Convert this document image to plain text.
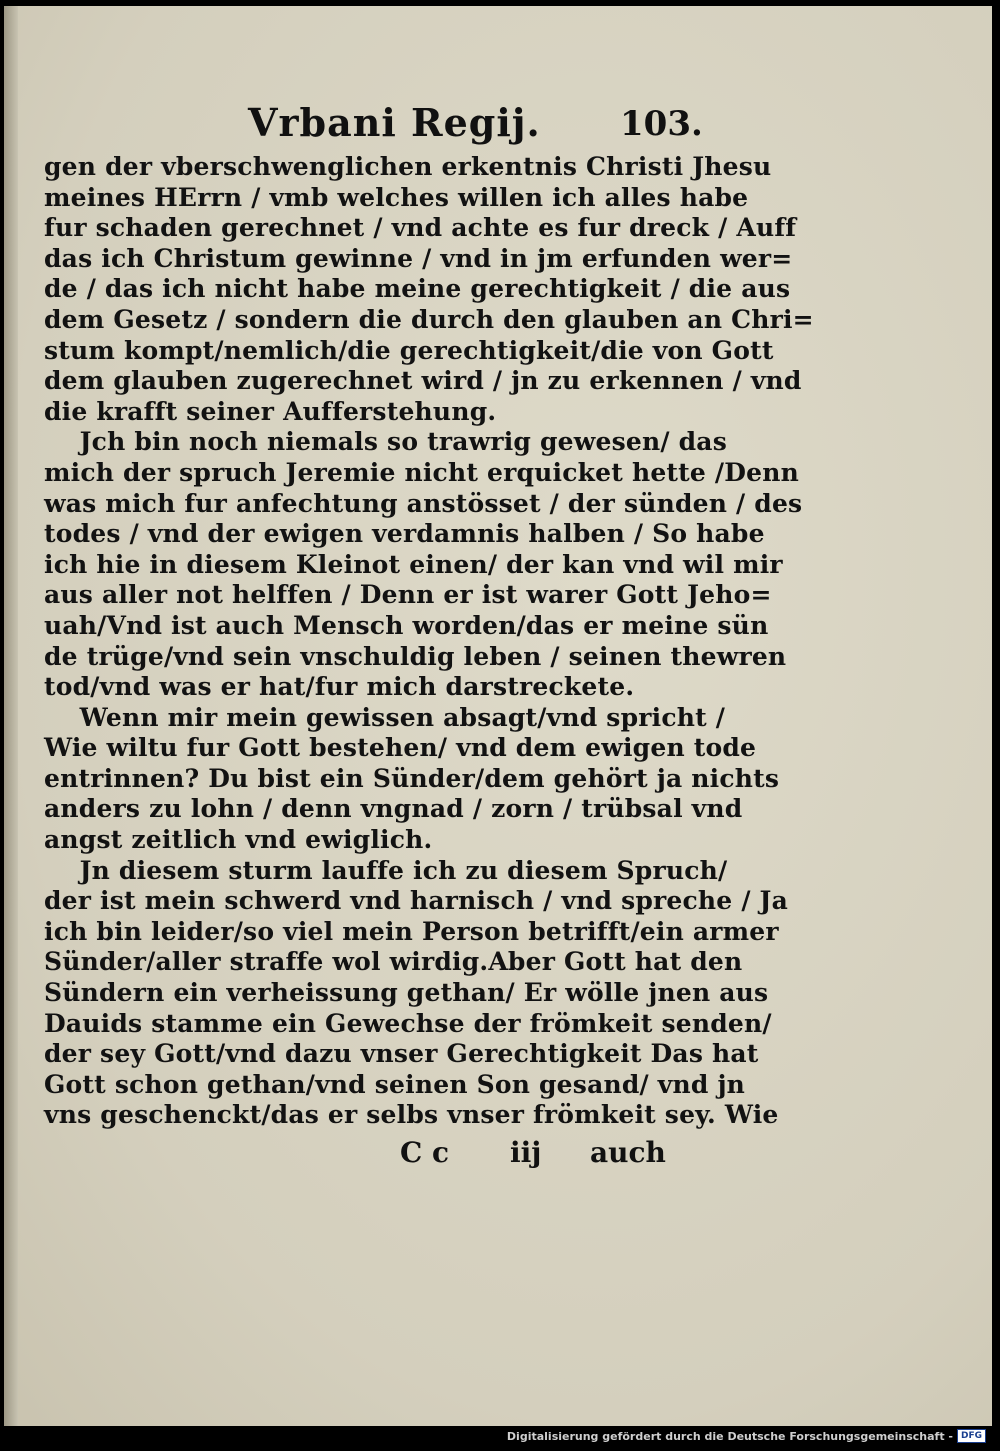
Vrbani Regij. 103.
gen der vberschwenglichen erkentnis Christi Jhesu
meines HErrn / vmb welches willen ich alles habe
fur schaden gerechnet / vnd achte es fur dreck / Auff
das ich Christum gewinne / vnd in jm erfunden wer=
de / das ich nicht habe meine gerechtigkeit / die aus
dem Gesetz / sondern die durch den glauben an Chri=
stum kompt/nemlich/die gerechtigkeit/die von Gott
dem glauben zugerechnet wird / jn zu erkennen / vnd
die krafft seiner Aufferstehung.
Jch bin noch niemals so trawrig gewesen/ das
mich der spruch Jeremie nicht erquicket hette /Denn
was mich fur anfechtung anstösset / der sünden / des
todes / vnd der ewigen verdamnis halben / So habe
ich hie in diesem Kleinot einen/ der kan vnd wil mir
aus aller not helffen / Denn er ist warer Gott Jeho=
uah/Vnd ist auch Mensch worden/das er meine sün
de trüge/vnd sein vnschuldig leben / seinen thewren
tod/vnd was er hat/fur mich darstreckete.
Wenn mir mein gewissen absagt/vnd spricht /
Wie wiltu fur Gott bestehen/ vnd dem ewigen tode
entrinnen? Du bist ein Sünder/dem gehört ja nichts
anders zu lohn / denn vngnad / zorn / trübsal vnd
angst zeitlich vnd ewiglich.
Jn diesem sturm lauffe ich zu diesem Spruch/
der ist mein schwerd vnd harnisch / vnd spreche / Ja
ich bin leider/so viel mein Person betrifft/ein armer
Sünder/aller straffe wol wirdig.Aber Gott hat den
Sündern ein verheissung gethan/ Er wölle jnen aus
Dauids stamme ein Gewechse der frömkeit senden/
der sey Gott/vnd dazu vnser Gerechtigkeit Das hat
Gott schon gethan/vnd seinen Son gesand/ vnd jn
vns geschenckt/das er selbs vnser frömkeit sey. Wie
C c iij auch
Digitalisierung gefördert durch die Deutsche Forschungsgemeinschaft - DFG
